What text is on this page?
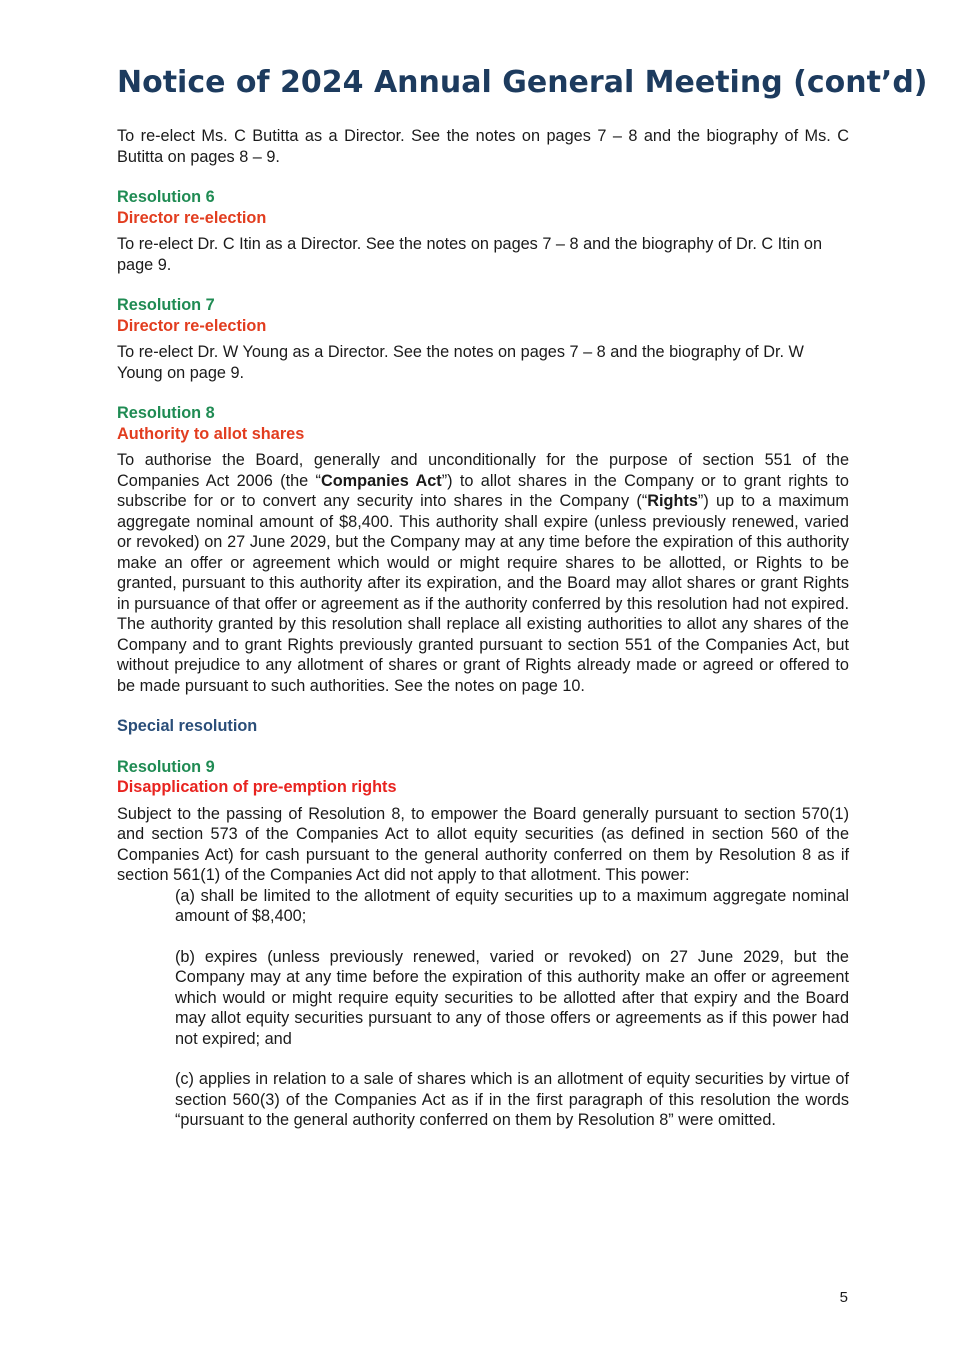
Notice of 2024 Annual General Meeting (cont’d)

To re-elect Ms. C Butitta as a Director. See the notes on pages 7 – 8 and the biography of Ms. C Butitta on pages 8 – 9.

Resolution 6
Director re-election

To re-elect Dr. C Itin as a Director. See the notes on pages 7 – 8 and the biography of Dr. C Itin on page 9.

Resolution 7
Director re-election

To re-elect Dr. W Young as a Director. See the notes on pages 7 – 8 and the biography of Dr. W Young on page 9.

Resolution 8
Authority to allot shares

To authorise the Board, generally and unconditionally for the purpose of section 551 of the Companies Act 2006 (the “Companies Act”) to allot shares in the Company or to grant rights to subscribe for or to convert any security into shares in the Company (“Rights”) up to a maximum aggregate nominal amount of $8,400. This authority shall expire (unless previously renewed, varied or revoked) on 27 June 2029, but the Company may at any time before the expiration of this authority make an offer or agreement which would or might require shares to be allotted, or Rights to be granted, pursuant to this authority after its expiration, and the Board may allot shares or grant Rights in pursuance of that offer or agreement as if the authority conferred by this resolution had not expired. The authority granted by this resolution shall replace all existing authorities to allot any shares of the Company and to grant Rights previously granted pursuant to section 551 of the Companies Act, but without prejudice to any allotment of shares or grant of Rights already made or agreed or offered to be made pursuant to such authorities. See the notes on page 10.

Special resolution
Resolution 9
Disapplication of pre-emption rights

Subject to the passing of Resolution 8, to empower the Board generally pursuant to section 570(1) and section 573 of the Companies Act to allot equity securities (as defined in section 560 of the Companies Act) for cash pursuant to the general authority conferred on them by Resolution 8 as if section 561(1) of the Companies Act did not apply to that allotment. This power:

(a) shall be limited to the allotment of equity securities up to a maximum aggregate nominal amount of $8,400;

(b) expires (unless previously renewed, varied or revoked) on 27 June 2029, but the Company may at any time before the expiration of this authority make an offer or agreement which would or might require equity securities to be allotted after that expiry and the Board may allot equity securities pursuant to any of those offers or agreements as if this power had not expired; and

(c) applies in relation to a sale of shares which is an allotment of equity securities by virtue of section 560(3) of the Companies Act as if in the first paragraph of this resolution the words “pursuant to the general authority conferred on them by Resolution 8” were omitted.

5
